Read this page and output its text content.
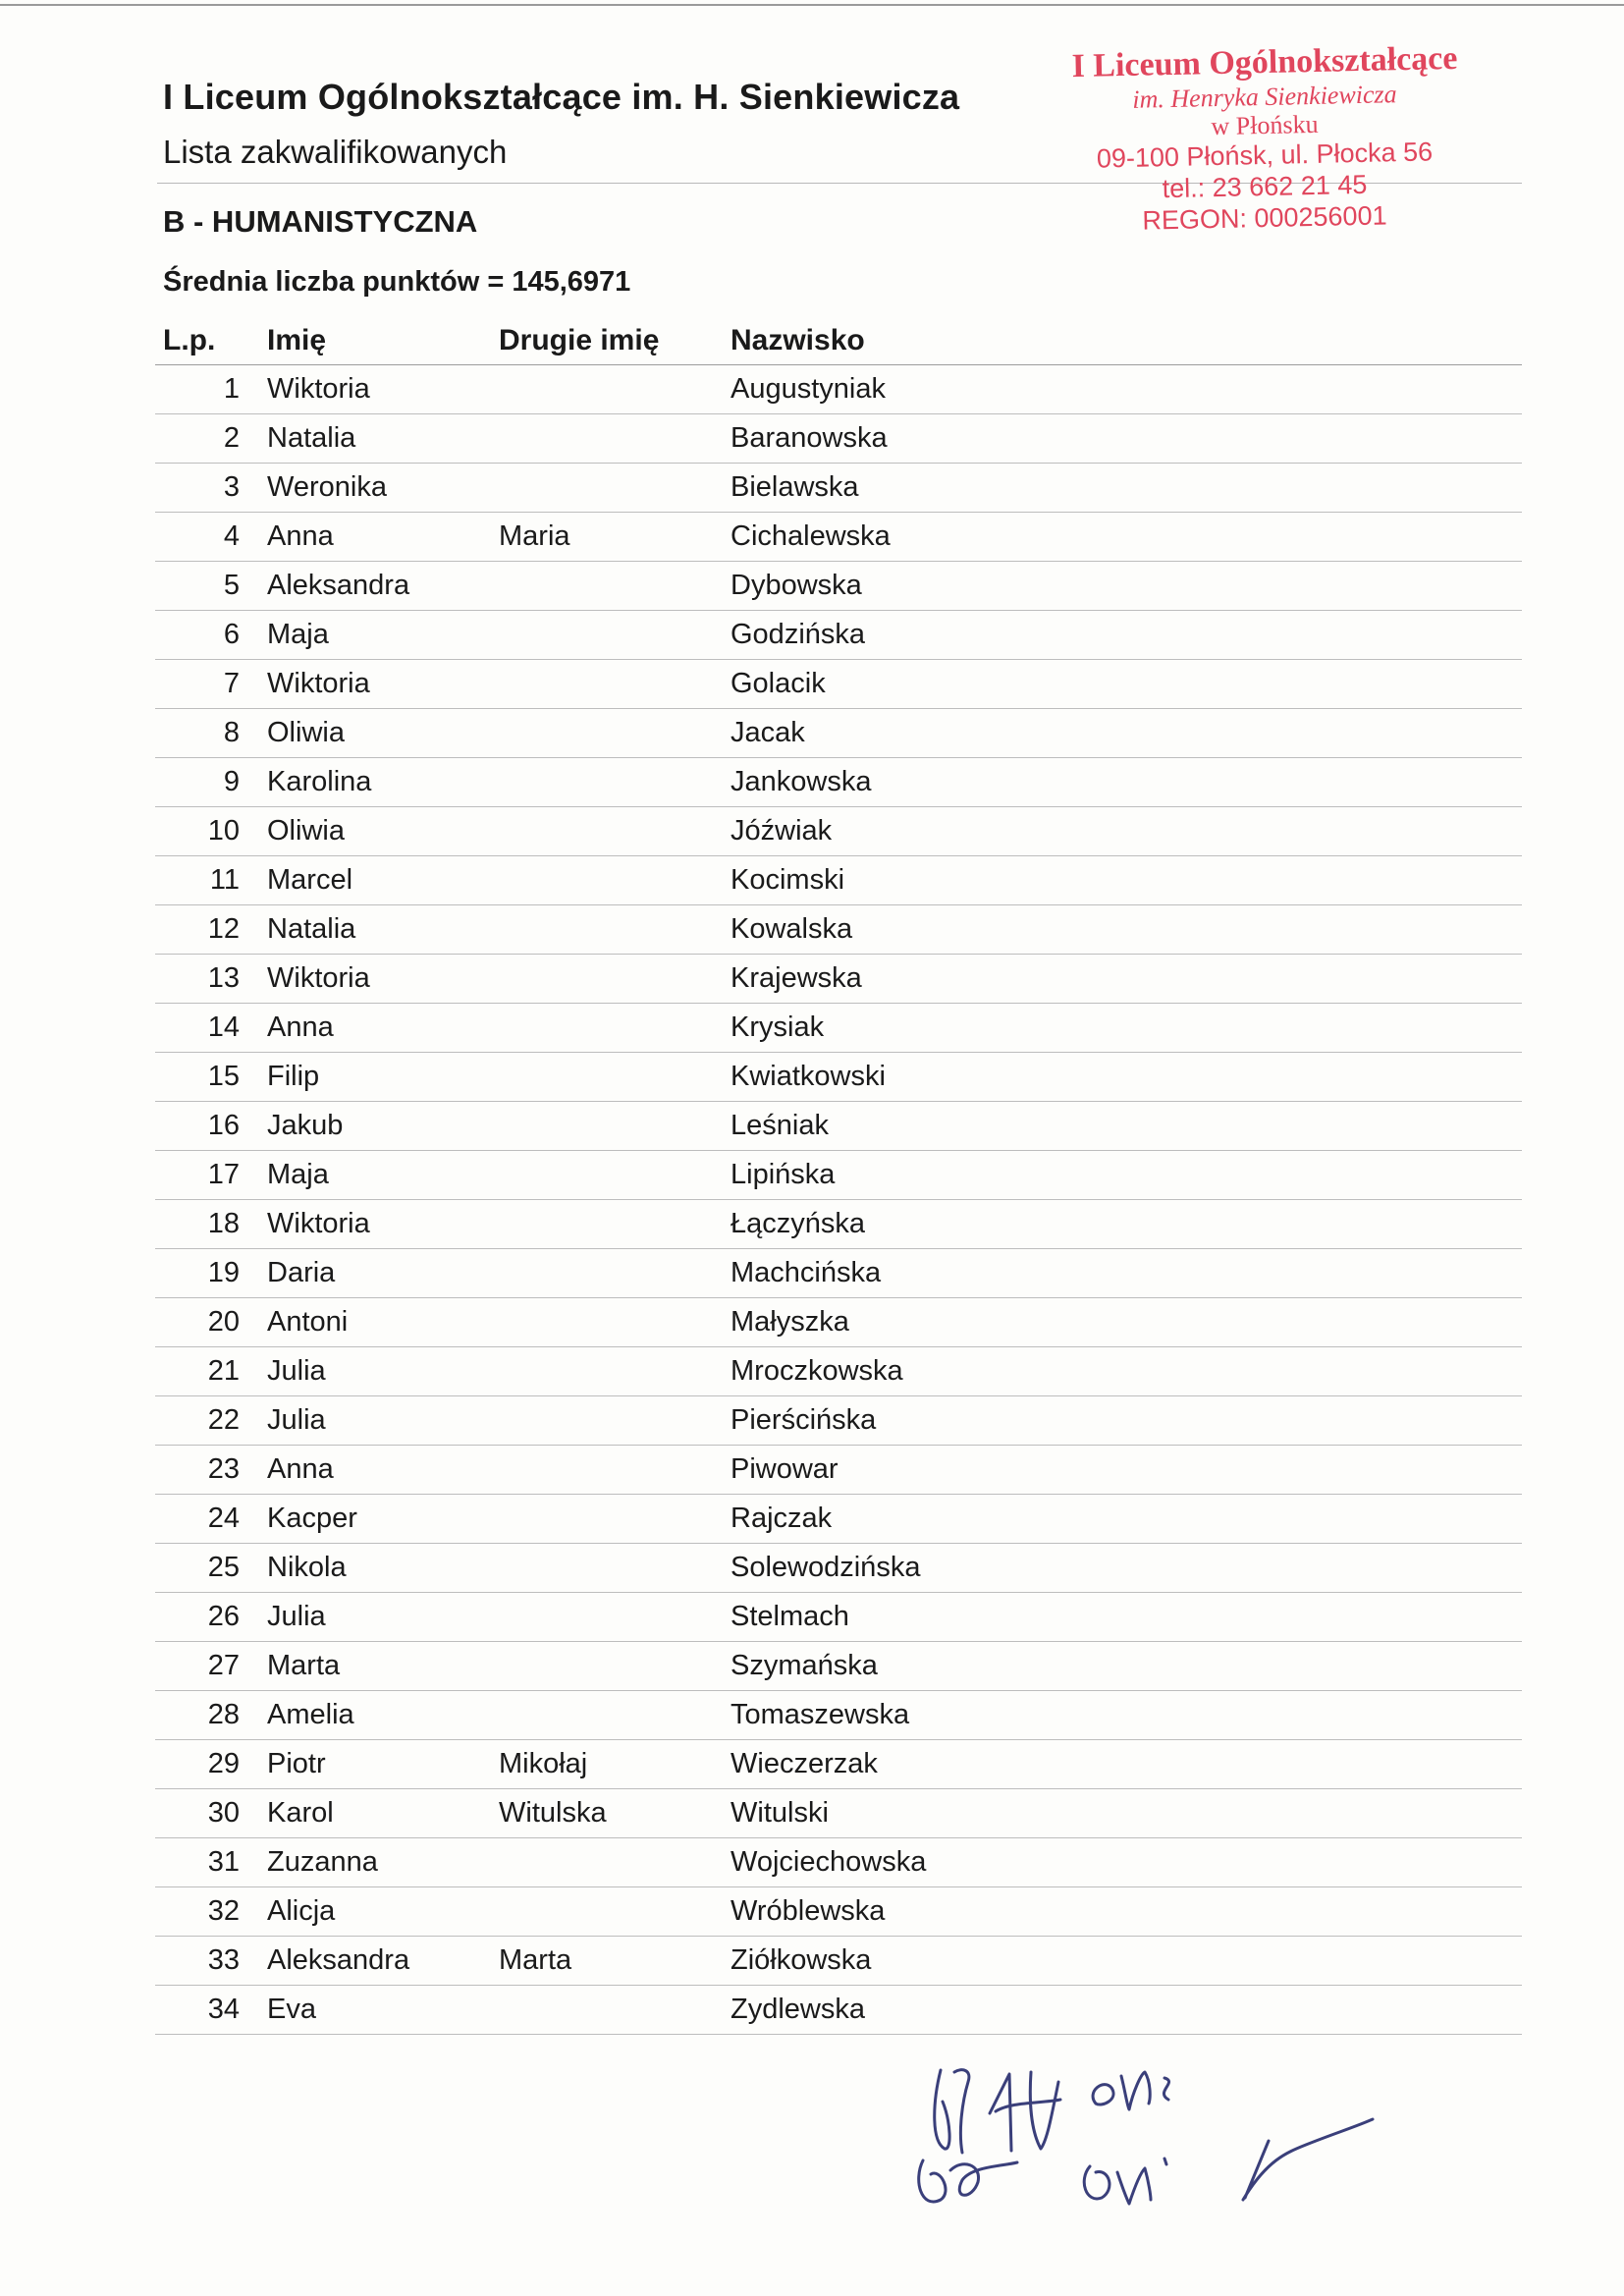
I Liceum Ogólnokształcące im. H. Sienkiewicza
Lista zakwalifikowanych
B - HUMANISTYCZNA
Średnia liczba punktów = 145,6971
I Liceum Ogólnokształcące
im. Henryka Sienkiewicza
w Płońsku
09-100 Płońsk, ul. Płocka 56
tel.: 23 662 21 45
REGON: 000256001
L.p.	Imię	Drugie imię	Nazwisko	
1	Wiktoria		Augustyniak	
2	Natalia		Baranowska	
3	Weronika		Bielawska	
4	Anna	Maria	Cichalewska	
5	Aleksandra		Dybowska	
6	Maja		Godzińska	
7	Wiktoria		Golacik	
8	Oliwia		Jacak	
9	Karolina		Jankowska	
10	Oliwia		Jóźwiak	
11	Marcel		Kocimski	
12	Natalia		Kowalska	
13	Wiktoria		Krajewska	
14	Anna		Krysiak	
15	Filip		Kwiatkowski	
16	Jakub		Leśniak	
17	Maja		Lipińska	
18	Wiktoria		Łączyńska	
19	Daria		Machcińska	
20	Antoni		Małyszka	
21	Julia		Mroczkowska	
22	Julia		Pierścińska	
23	Anna		Piwowar	
24	Kacper		Rajczak	
25	Nikola		Solewodzińska	
26	Julia		Stelmach	
27	Marta		Szymańska	
28	Amelia		Tomaszewska	
29	Piotr	Mikołaj	Wieczerzak	
30	Karol	Witulska	Witulski	
31	Zuzanna		Wojciechowska	
32	Alicja		Wróblewska	
33	Aleksandra	Marta	Ziółkowska	
34	Eva		Zydlewska	
